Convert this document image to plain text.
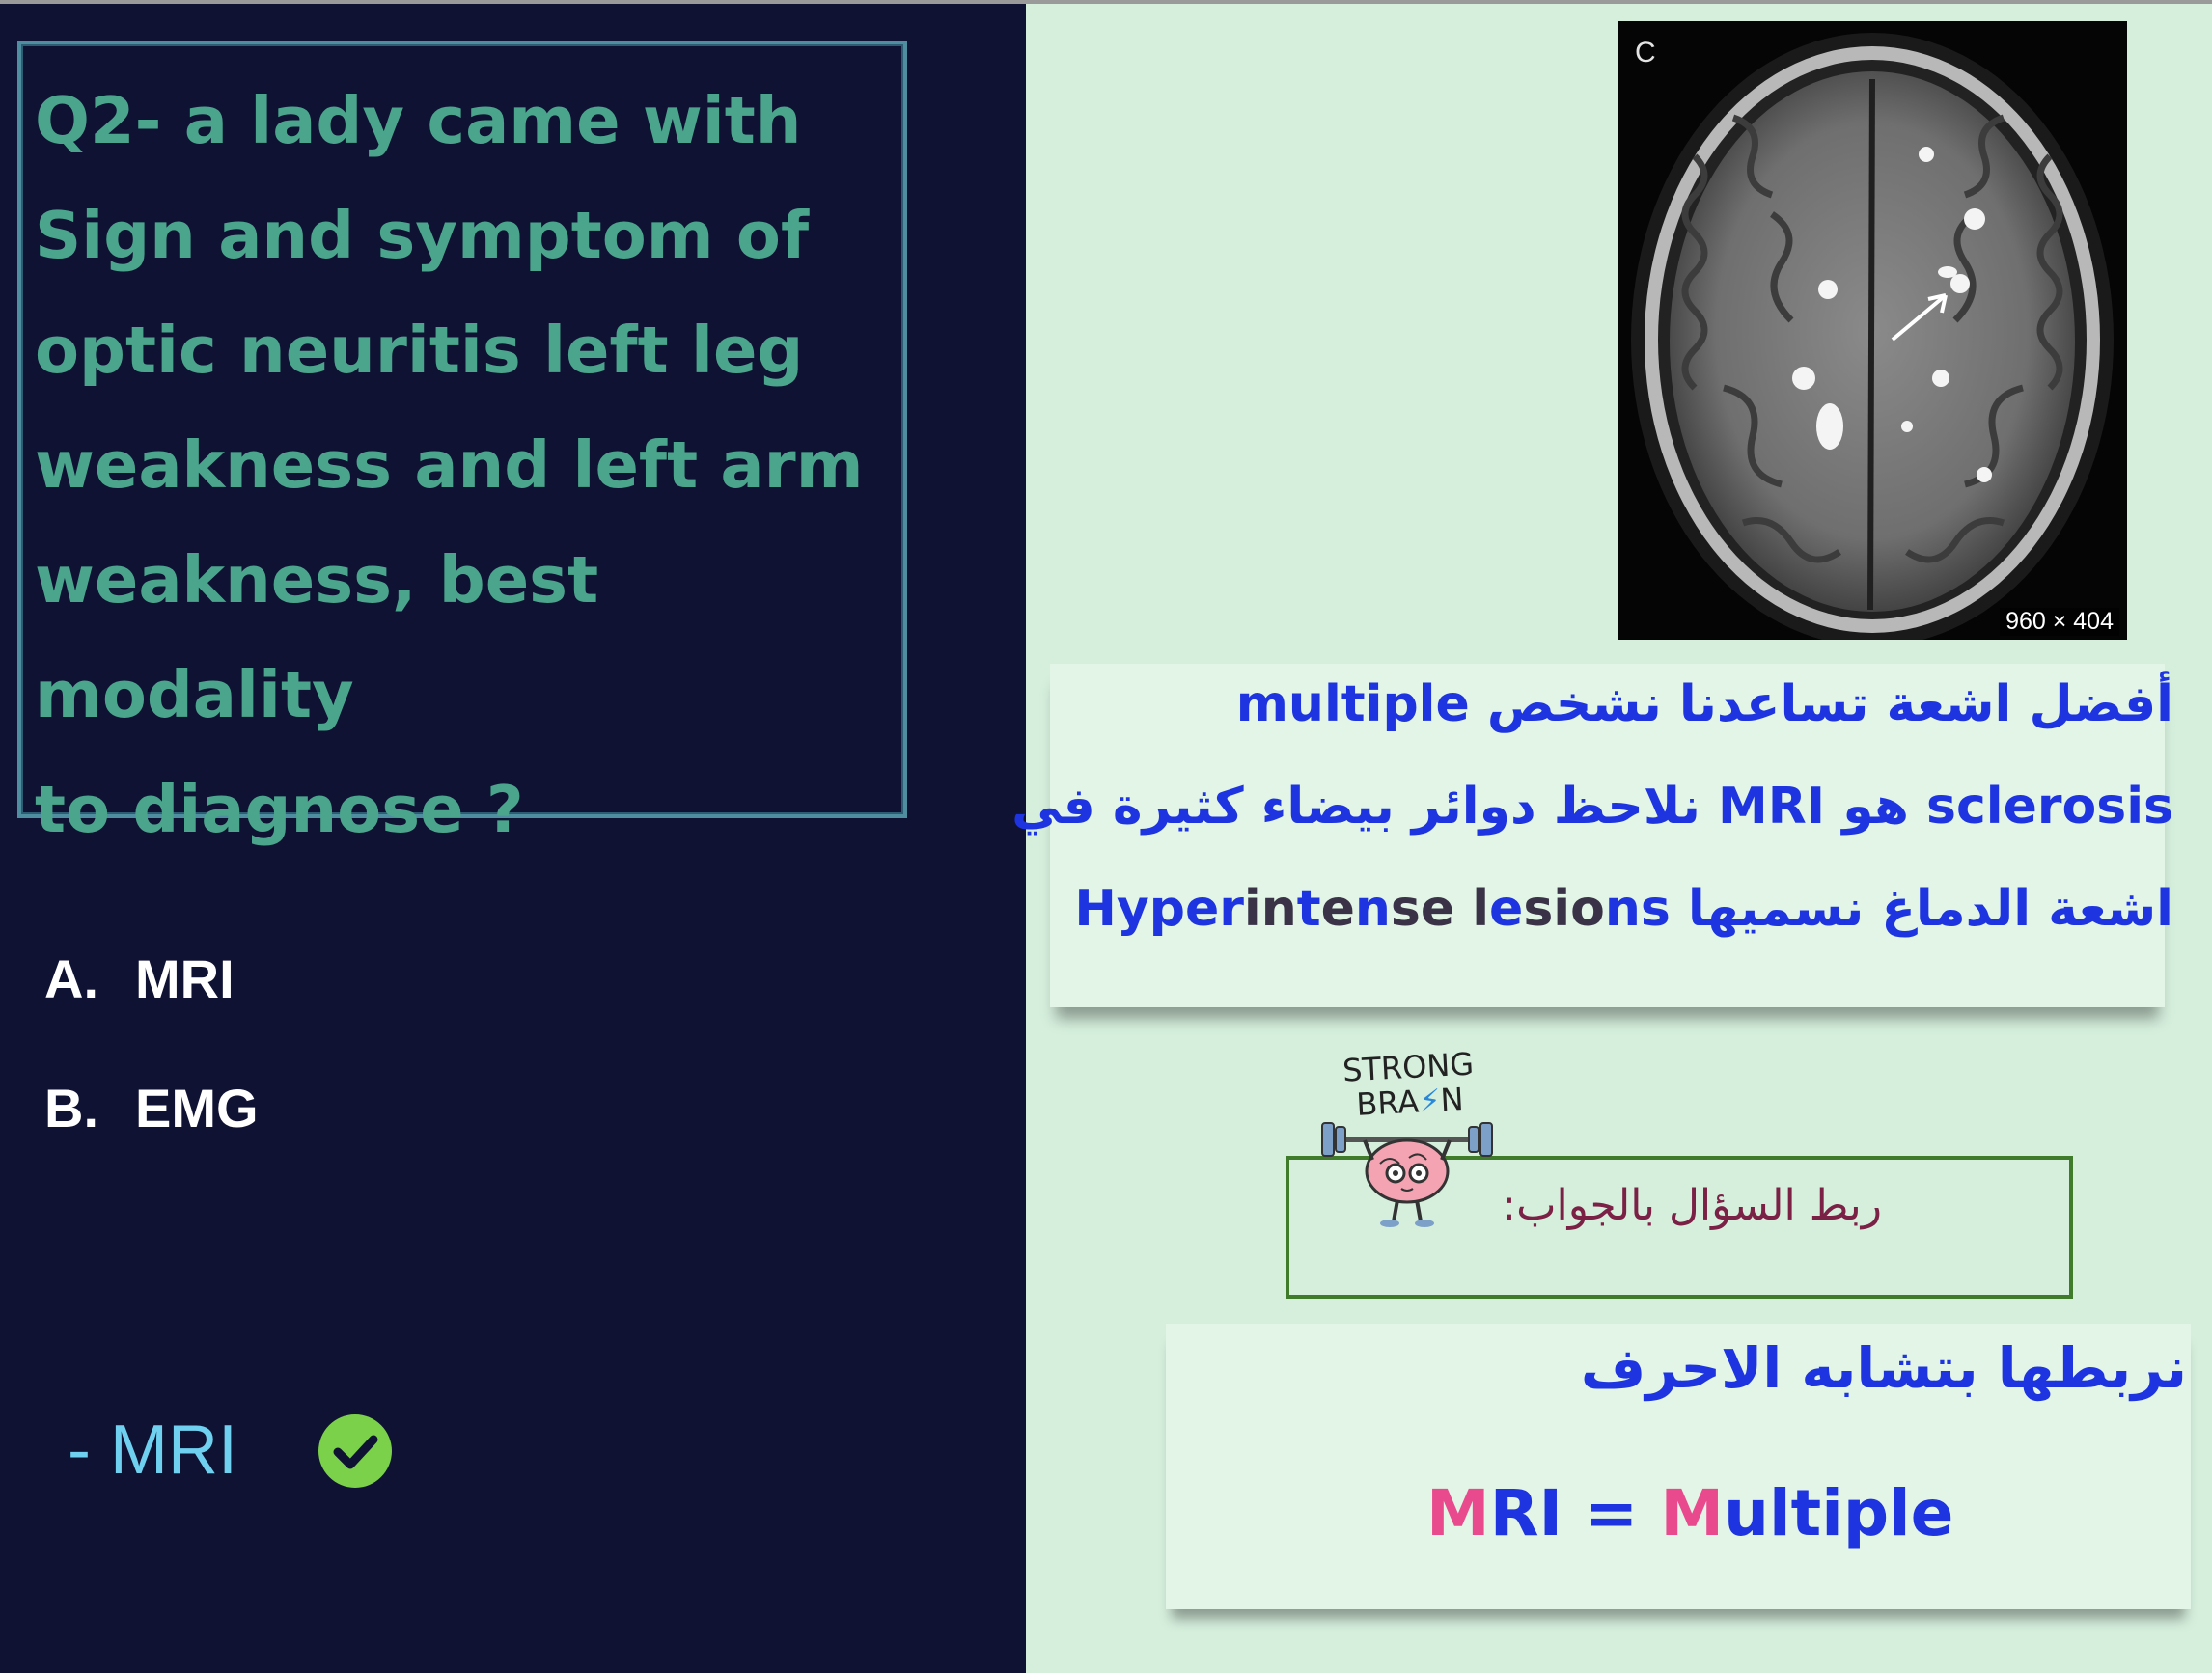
Q2- a lady came with
Sign and symptom of
optic neuritis left leg
weakness and left arm
weakness, best modality
to diagnose ?
A. MRI
B. EMG
- MRI
C
960 × 404
أفضل اشعة تساعدنا نشخص multiple
sclerosis هو MRI نلاحظ دوائر بيضاء كثيرة في
اشعة الدماغ نسميها Hyperintense lesions
ربط السؤال بالجواب:
STRONG
BRA⚡N
نربطها بتشابه الاحرف
MRI = Multiple
